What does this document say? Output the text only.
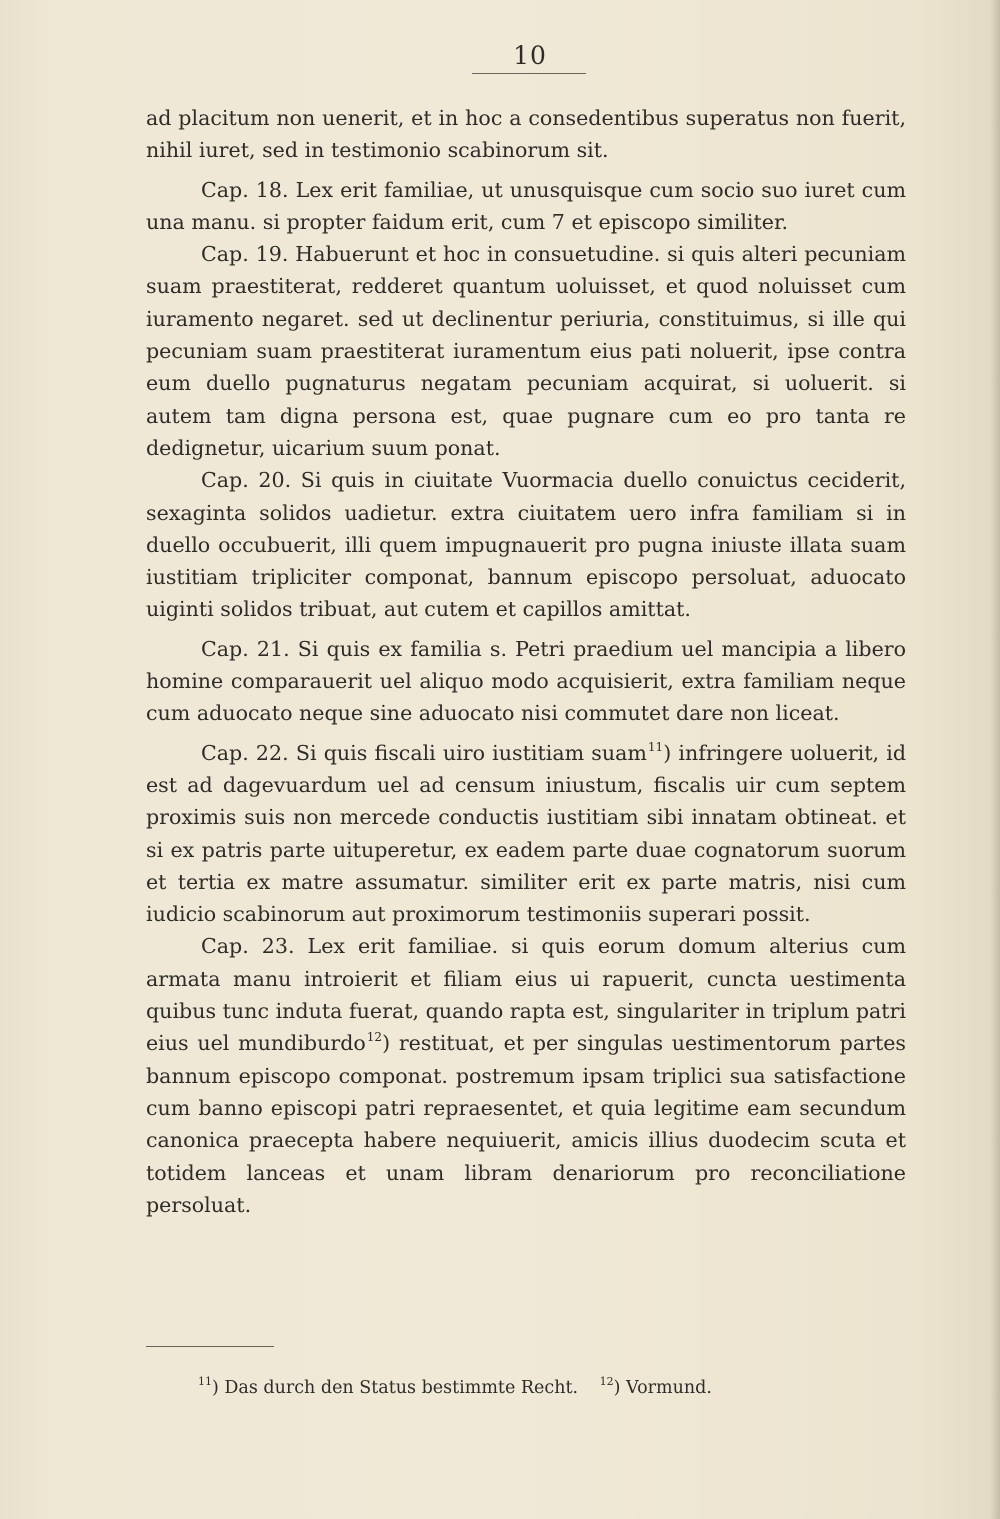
10

ad placitum non uenerit, et in hoc a consedentibus superatus non fuerit, nihil iuret, sed in testimonio scabinorum sit.

Cap. 18. Lex erit familiae, ut unusquisque cum socio suo iuret cum una manu. si propter faidum erit, cum 7 et episcopo similiter.

Cap. 19. Habuerunt et hoc in consuetudine. si quis alteri pecuniam suam praestiterat, redderet quantum uoluisset, et quod noluisset cum iuramento negaret. sed ut declinentur periuria, constituimus, si ille qui pecuniam suam praestiterat iuramentum eius pati noluerit, ipse contra eum duello pugnaturus negatam pecuniam acquirat, si uoluerit. si autem tam digna persona est, quae pugnare cum eo pro tanta re dedignetur, uicarium suum ponat.

Cap. 20. Si quis in ciuitate Vuormacia duello conuictus ceciderit, sexaginta solidos uadietur. extra ciuitatem uero infra familiam si in duello occubuerit, illi quem impugnauerit pro pugna iniuste illata suam iustitiam tripliciter componat, bannum episcopo persoluat, aduocato uiginti solidos tribuat, aut cutem et capillos amittat.

Cap. 21. Si quis ex familia s. Petri praedium uel mancipia a libero homine comparauerit uel aliquo modo acquisierit, extra familiam neque cum aduocato neque sine aduocato nisi commutet dare non liceat.

Cap. 22. Si quis fiscali uiro iustitiam suam$^{11}$) infringere uoluerit, id est ad dagevuardum uel ad censum iniustum, fiscalis uir cum septem proximis suis non mercede conductis iustitiam sibi innatam obtineat. et si ex patris parte uituperetur, ex eadem parte duae cognatorum suorum et tertia ex matre assumatur. similiter erit ex parte matris, nisi cum iudicio scabinorum aut proximorum testimoniis superari possit.

Cap. 23. Lex erit familiae. si quis eorum domum alterius cum armata manu introierit et filiam eius ui rapuerit, cuncta uestimenta quibus tunc induta fuerat, quando rapta est, singulariter in triplum patri eius uel mundiburdo$^{12}$) restituat, et per singulas uestimentorum partes bannum episcopo componat. postremum ipsam triplici sua satisfactione cum banno episcopi patri repraesentet, et quia legitime eam secundum canonica praecepta habere nequiuerit, amicis illius duodecim scuta et totidem lanceas et unam libram denariorum pro reconciliatione persoluat.

$^{11}$) Das durch den Status bestimmte Recht. $^{12}$) Vormund.
